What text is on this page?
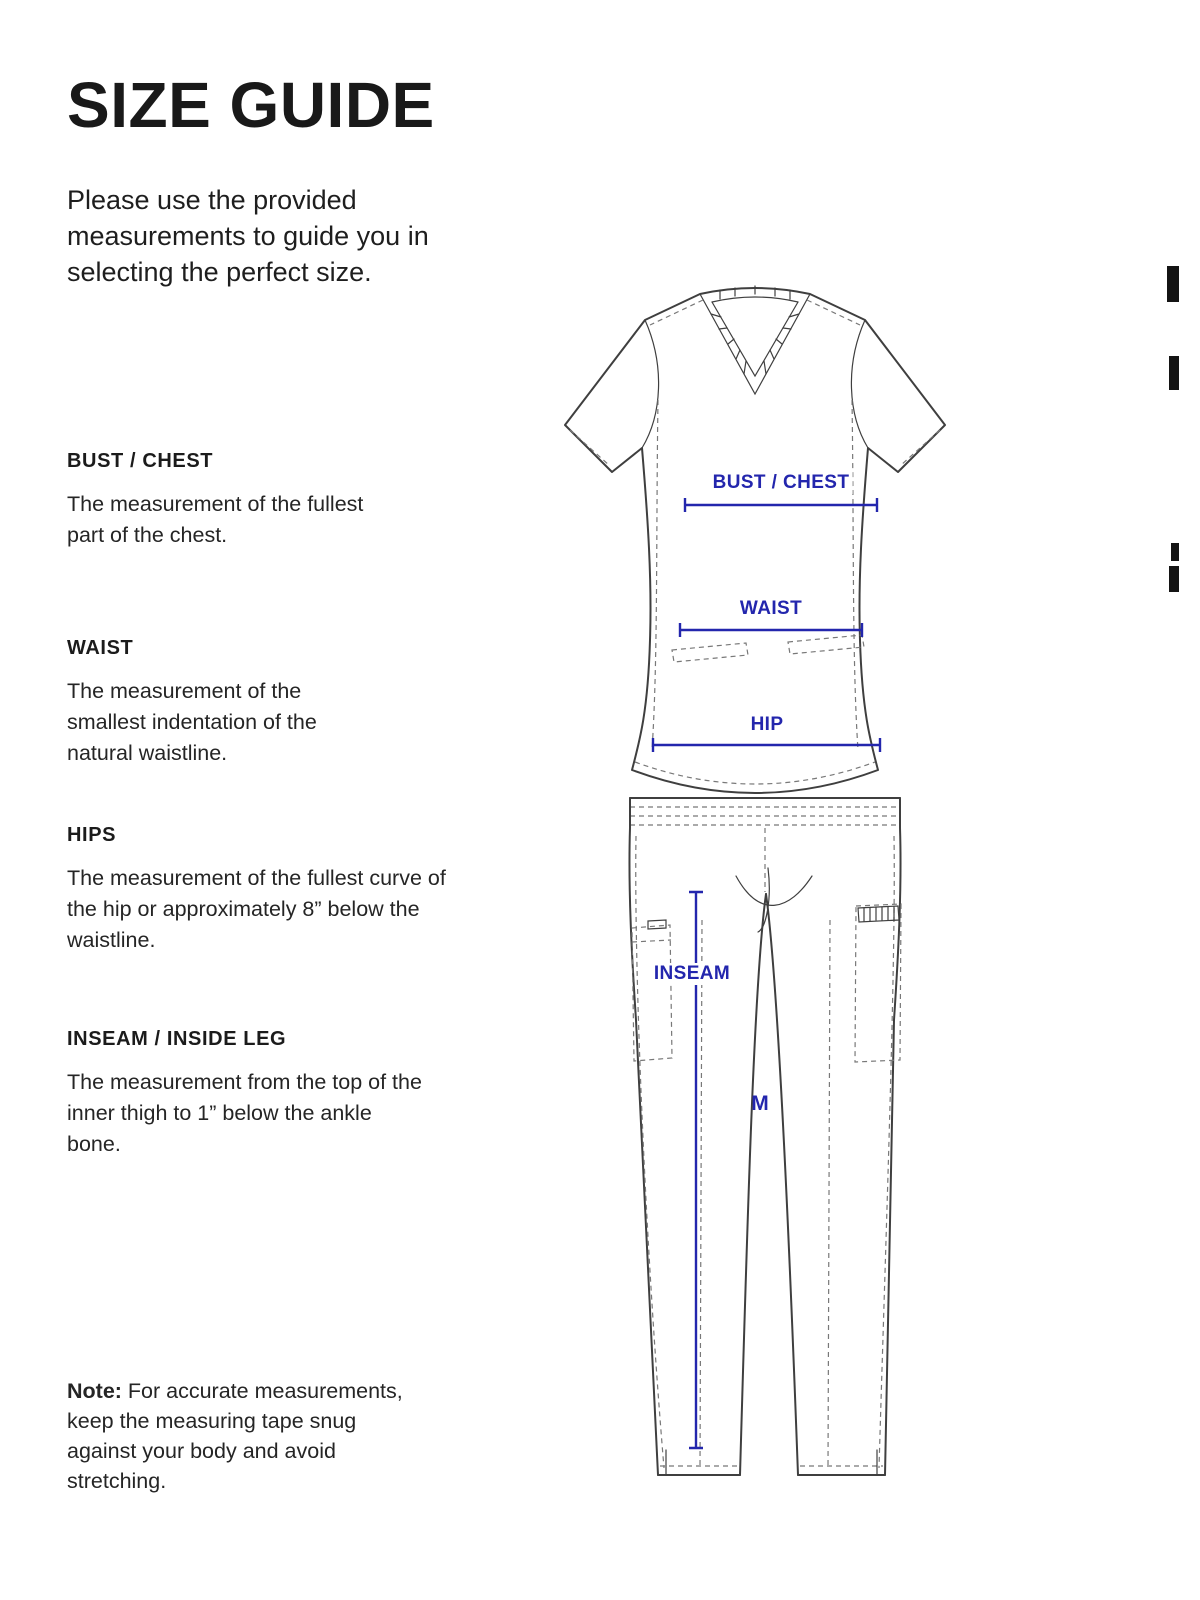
SIZE GUIDE

Please use the provided measurements to guide you in selecting the perfect size.

BUST / CHEST

The measurement of the fullest part of the chest.

WAIST

The measurement of the smallest indentation of the natural waistline.

HIPS

The measurement of the fullest curve of the hip or approximately 8” below the waistline.

INSEAM / INSIDE LEG

The measurement from the top of the inner thigh to 1” below the ankle bone.

Note: For accurate measurements, keep the measuring tape snug against your body and avoid stretching.

BUST / CHEST
WAIST
HIP
INSEAM
M
